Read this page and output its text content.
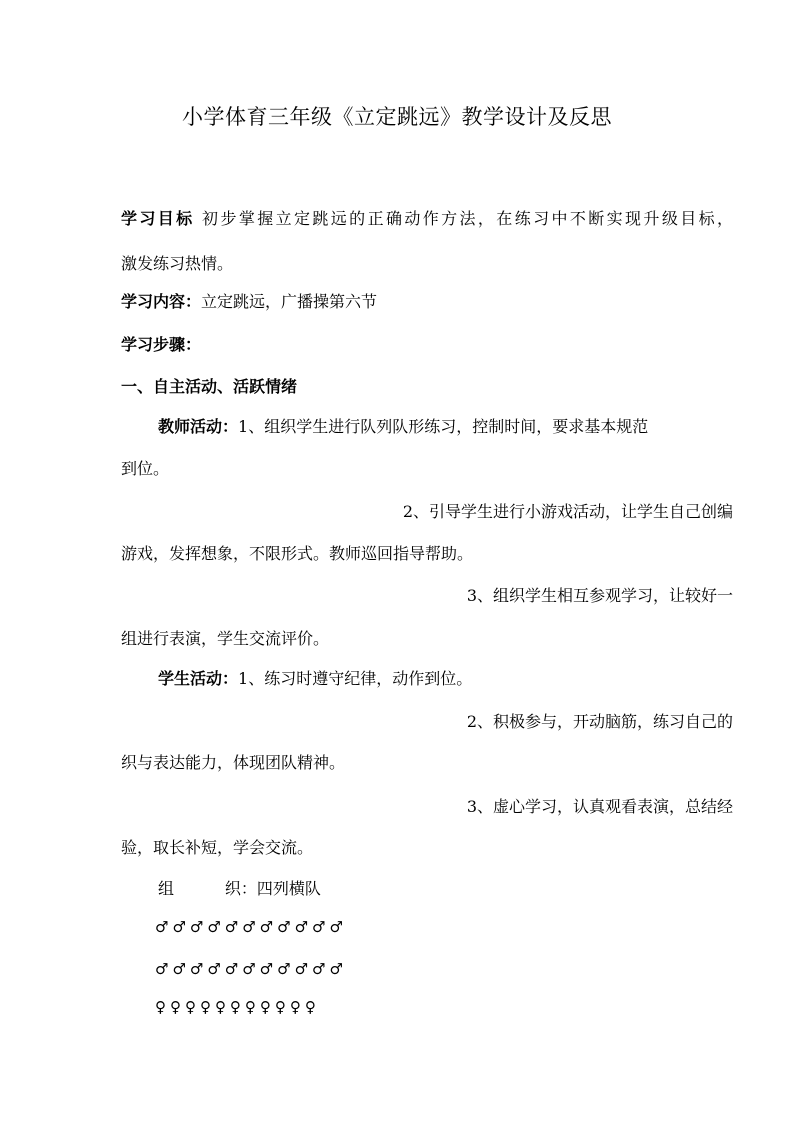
小学体育三年级《立定跳远》教学设计及反思
学习目标 初步掌握立定跳远的正确动作方法，在练习中不断实现升级目标，
激发练习热情。
学习内容：立定跳远，广播操第六节
学习步骤：
一、自主活动、活跃情绪
教师活动：1、组织学生进行队列队形练习，控制时间，要求基本规范
到位。
2、引导学生进行小游戏活动，让学生自己创编
游戏，发挥想象，不限形式。教师巡回指导帮助。
3、组织学生相互参观学习，让较好一
组进行表演，学生交流评价。
学生活动：1、练习时遵守纪律，动作到位。
2、积极参与，开动脑筋，练习自己的
织与表达能力，体现团队精神。
3、虚心学习，认真观看表演，总结经
验，取长补短，学会交流。
组          织：四列横队
♂♂♂♂♂♂♂♂♂♂♂
♂♂♂♂♂♂♂♂♂♂♂
♀♀♀♀♀♀♀♀♀♀♀
